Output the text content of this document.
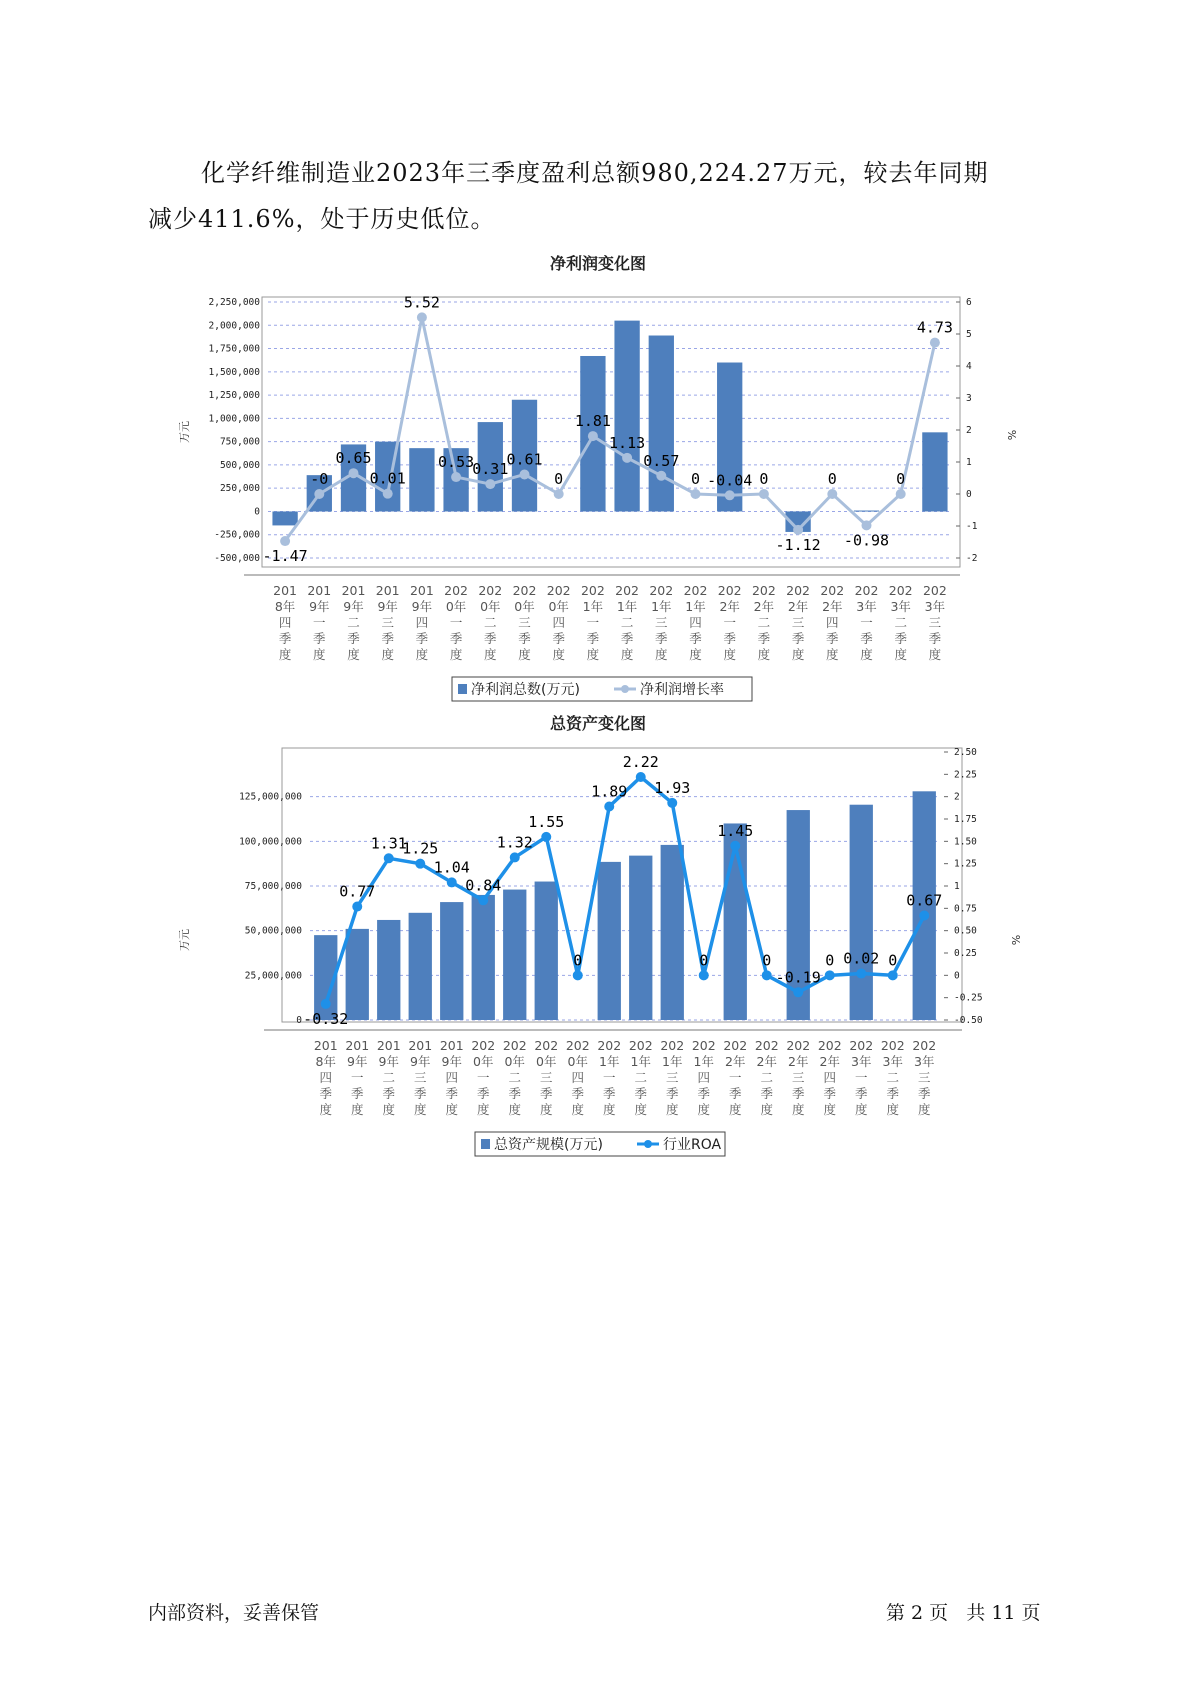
化学纤维制造业2023年三季度盈利总额980,224.27万元，较去年同期
减少411.6%，处于历史低位。
净利润变化图
-500,000
-250,000
0
250,000
500,000
750,000
1,000,000
1,250,000
1,500,000
1,750,000
2,000,000
2,250,000
-2
-1
0
1
2
3
4
5
6
万元	%
-1.47
-0
0.65
0.01
5.52
0.53
0.31
0.61
0
1.81
1.13
0.57
0 -0.04 0
-1.12
0
-0.98
0
4.73
201 8年四季度
201 9年一季度
201 9年二季度
201 9年三季度
201 9年四季度
202 0年一季度
202 0年二季度
202 0年三季度
202 0年四季度
202 1年一季度
202 1年二季度
202 1年三季度
202 1年四季度
202 2年一季度
202 2年二季度
202 2年三季度
202 2年四季度
202 3年一季度
202 3年二季度
202 3年三季度
净利润总数(万元)	净利润增长率
总资产变化图
0
25,000,000
50,000,000
75,000,000
100,000,000
125,000,000
-0.50
-0.25
0
0.25
0.50
0.75
1
1.25
1.50
1.75
2
2.25
2.50
万元	%
-0.32
0.77
1.31
1.25
1.04
0.84
1.32
1.55
0
1.89
2.22
1.93
0
1.45
0
-0.19
0 0.02 0
0.67
201 8年四季度
201 9年一季度
201 9年二季度
201 9年三季度
201 9年四季度
202 0年一季度
202 0年二季度
202 0年三季度
202 0年四季度
202 1年一季度
202 1年二季度
202 1年三季度
202 1年四季度
202 2年一季度
202 2年二季度
202 2年三季度
202 2年四季度
202 3年一季度
202 3年二季度
202 3年三季度
总资产规模(万元)	行业ROA
内部资料，妥善保管	第 2 页   共 11 页
